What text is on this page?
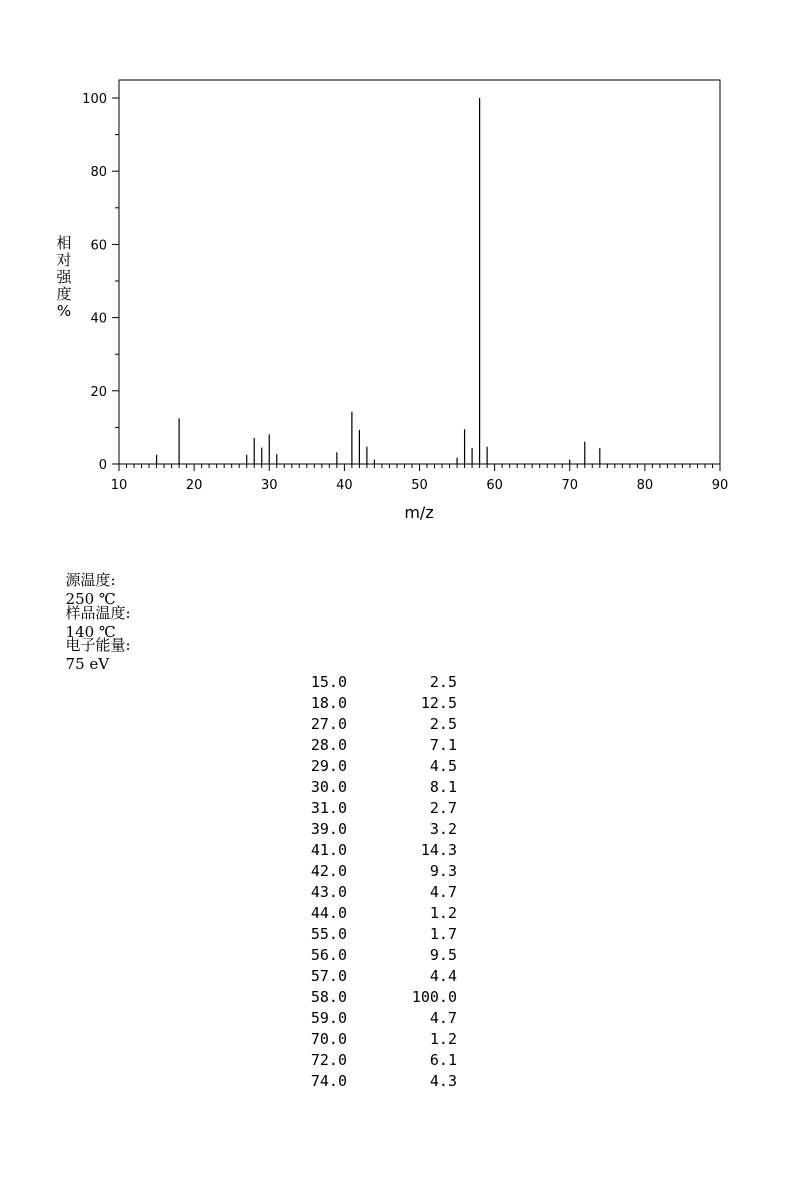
相
对
强
度
%
10	20	30	40	50	60	70	80	90
0
20
40
60
80
100
m/z

源温度:
250 ℃

样品温度:
140 ℃

电子能量:
75 eV

15.0	2.5
18.0	12.5
27.0	2.5
28.0	7.1
29.0	4.5
30.0	8.1
31.0	2.7
39.0	3.2
41.0	14.3
42.0	9.3
43.0	4.7
44.0	1.2
55.0	1.7
56.0	9.5
57.0	4.4
58.0	100.0
59.0	4.7
70.0	1.2
72.0	6.1
74.0	4.3
